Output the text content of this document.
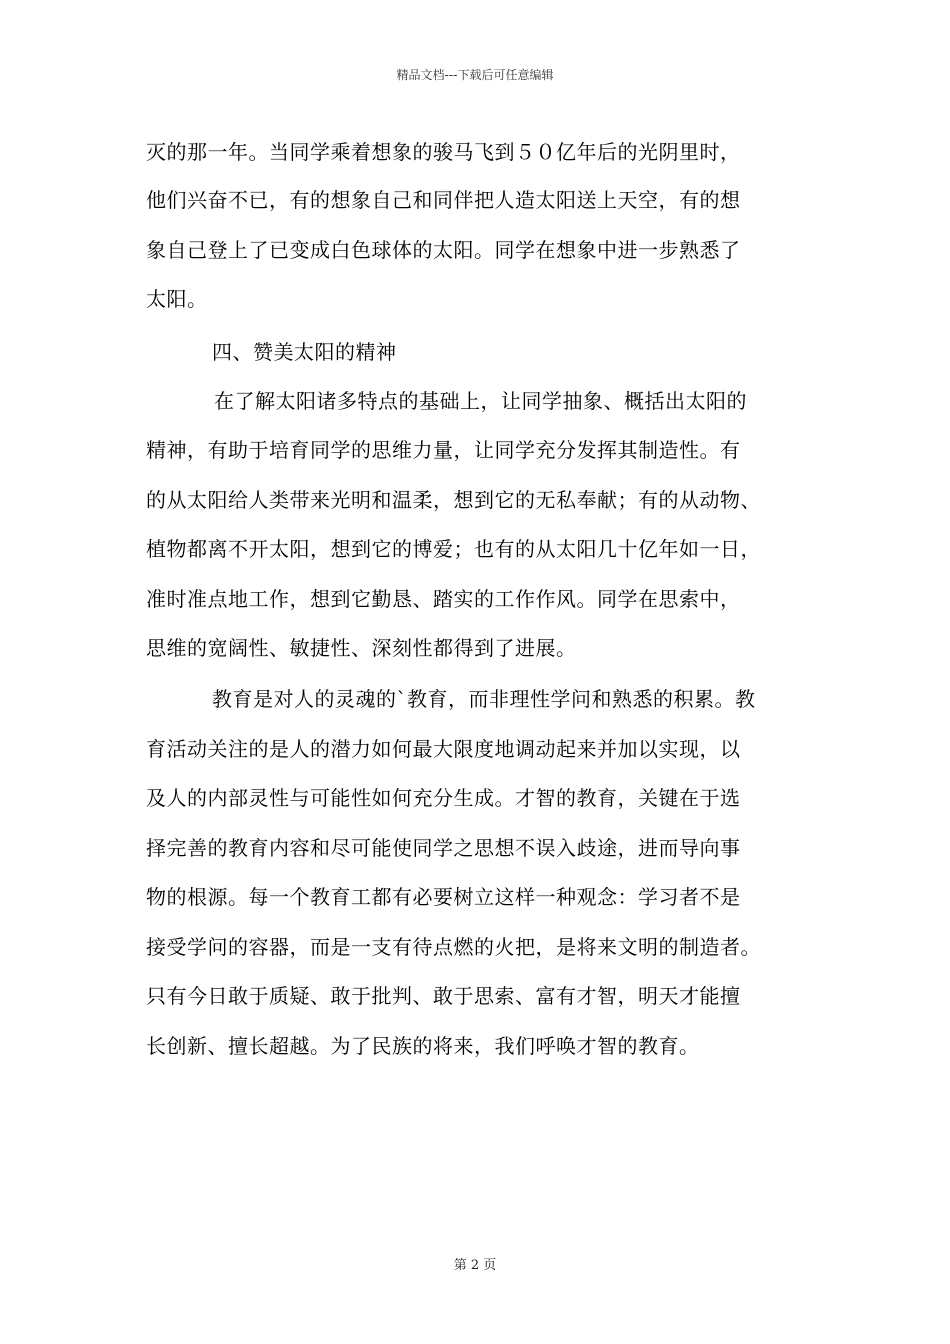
精品文档---下载后可任意编辑
灭的那一年。当同学乘着想象的骏马飞到５０亿年后的光阴里时，
他们兴奋不已，有的想象自己和同伴把人造太阳送上天空，有的想
象自己登上了已变成白色球体的太阳。同学在想象中进一步熟悉了
太阳。
四、赞美太阳的精神
在了解太阳诸多特点的基础上，让同学抽象、概括出太阳的
精神，有助于培育同学的思维力量，让同学充分发挥其制造性。有
的从太阳给人类带来光明和温柔，想到它的无私奉献；有的从动物、
植物都离不开太阳，想到它的博爱；也有的从太阳几十亿年如一日，
准时准点地工作，想到它勤恳、踏实的工作作风。同学在思索中，
思维的宽阔性、敏捷性、深刻性都得到了进展。
教育是对人的灵魂的`教育，而非理性学问和熟悉的积累。教
育活动关注的是人的潜力如何最大限度地调动起来并加以实现，以
及人的内部灵性与可能性如何充分生成。才智的教育，关键在于选
择完善的教育内容和尽可能使同学之思想不误入歧途，进而导向事
物的根源。每一个教育工都有必要树立这样一种观念：学习者不是
接受学问的容器，而是一支有待点燃的火把，是将来文明的制造者。
只有今日敢于质疑、敢于批判、敢于思索、富有才智，明天才能擅
长创新、擅长超越。为了民族的将来，我们呼唤才智的教育。
第 2 页
